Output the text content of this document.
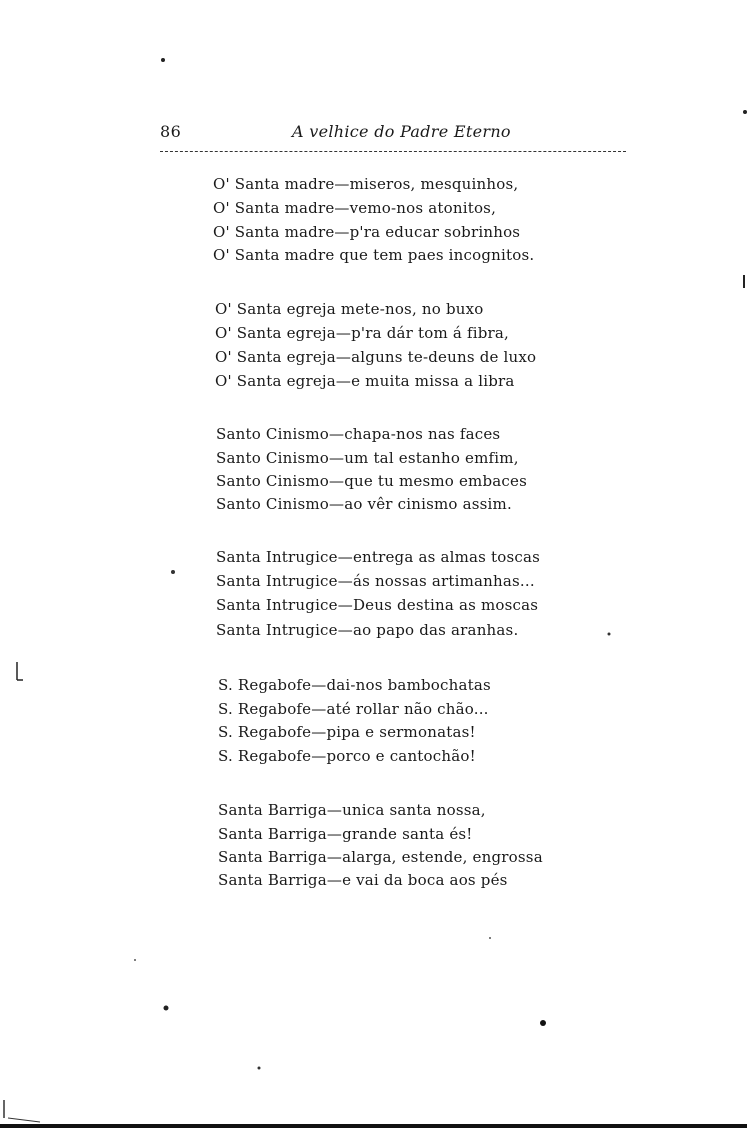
86	A velhice do Padre Eterno
O' Santa madre—miseros, mesquinhos,
O' Santa madre—vemo-nos atonitos,
O' Santa madre—p'ra educar sobrinhos
O' Santa madre que tem paes incognitos.
O' Santa egreja mete-nos, no buxo
O' Santa egreja—p'ra dár tom á fibra,
O' Santa egreja—alguns te-deuns de luxo
O' Santa egreja—e muita missa a libra
Santo Cinismo—chapa-nos nas faces
Santo Cinismo—um tal estanho emfim,
Santo Cinismo—que tu mesmo embaces
Santo Cinismo—ao vêr cinismo assim.
Santa Intrugice—entrega as almas toscas
Santa Intrugice—ás nossas artimanhas...
Santa Intrugice—Deus destina as moscas
Santa Intrugice—ao papo das aranhas.
S. Regabofe—dai-nos bambochatas
S. Regabofe—até rollar não chão...
S. Regabofe—pipa e sermonatas!
S. Regabofe—porco e cantochão!
Santa Barriga—unica santa nossa,
Santa Barriga—grande santa és!
Santa Barriga—alarga, estende, engrossa
Santa Barriga—e vai da boca aos pés
